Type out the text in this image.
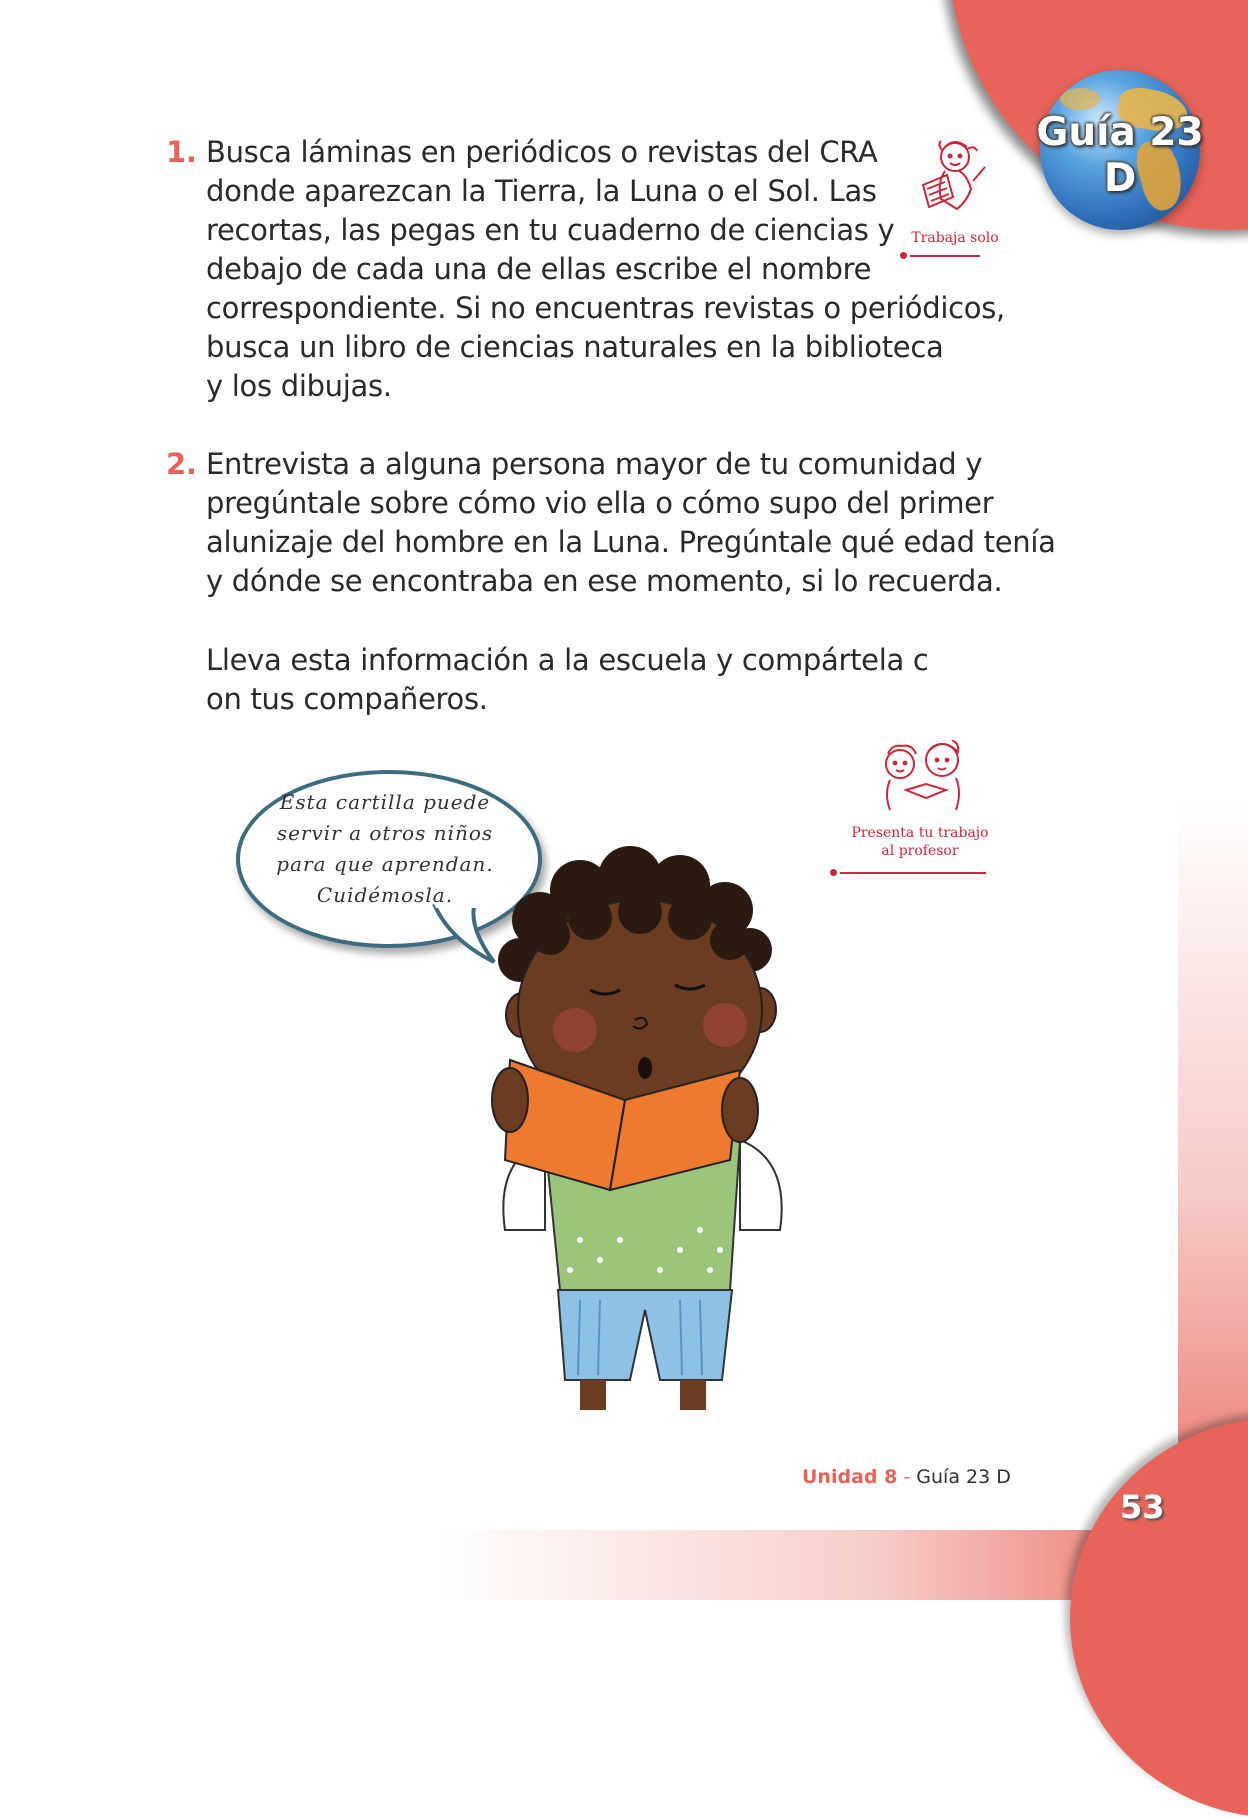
Guía 23
D
1. Busca láminas en periódicos o revistas del CRA
donde aparezcan la Tierra, la Luna o el Sol. Las
recortas, las pegas en tu cuaderno de ciencias y
debajo de cada una de ellas escribe el nombre
correspondiente. Si no encuentras revistas o periódicos,
busca un libro de ciencias naturales en la biblioteca
y los dibujas.
2. Entrevista a alguna persona mayor de tu comunidad y
pregúntale sobre cómo vio ella o cómo supo del primer
alunizaje del hombre en la Luna. Pregúntale qué edad tenía
y dónde se encontraba en ese momento, si lo recuerda.
Lleva esta información a la escuela y compártela c
on tus compañeros.
Trabaja solo
Presenta tu trabajo
al profesor
Esta cartilla puede
servir a otros niños
para que aprendan.
Cuidémosla.
Unidad 8 - Guía 23 D
53
